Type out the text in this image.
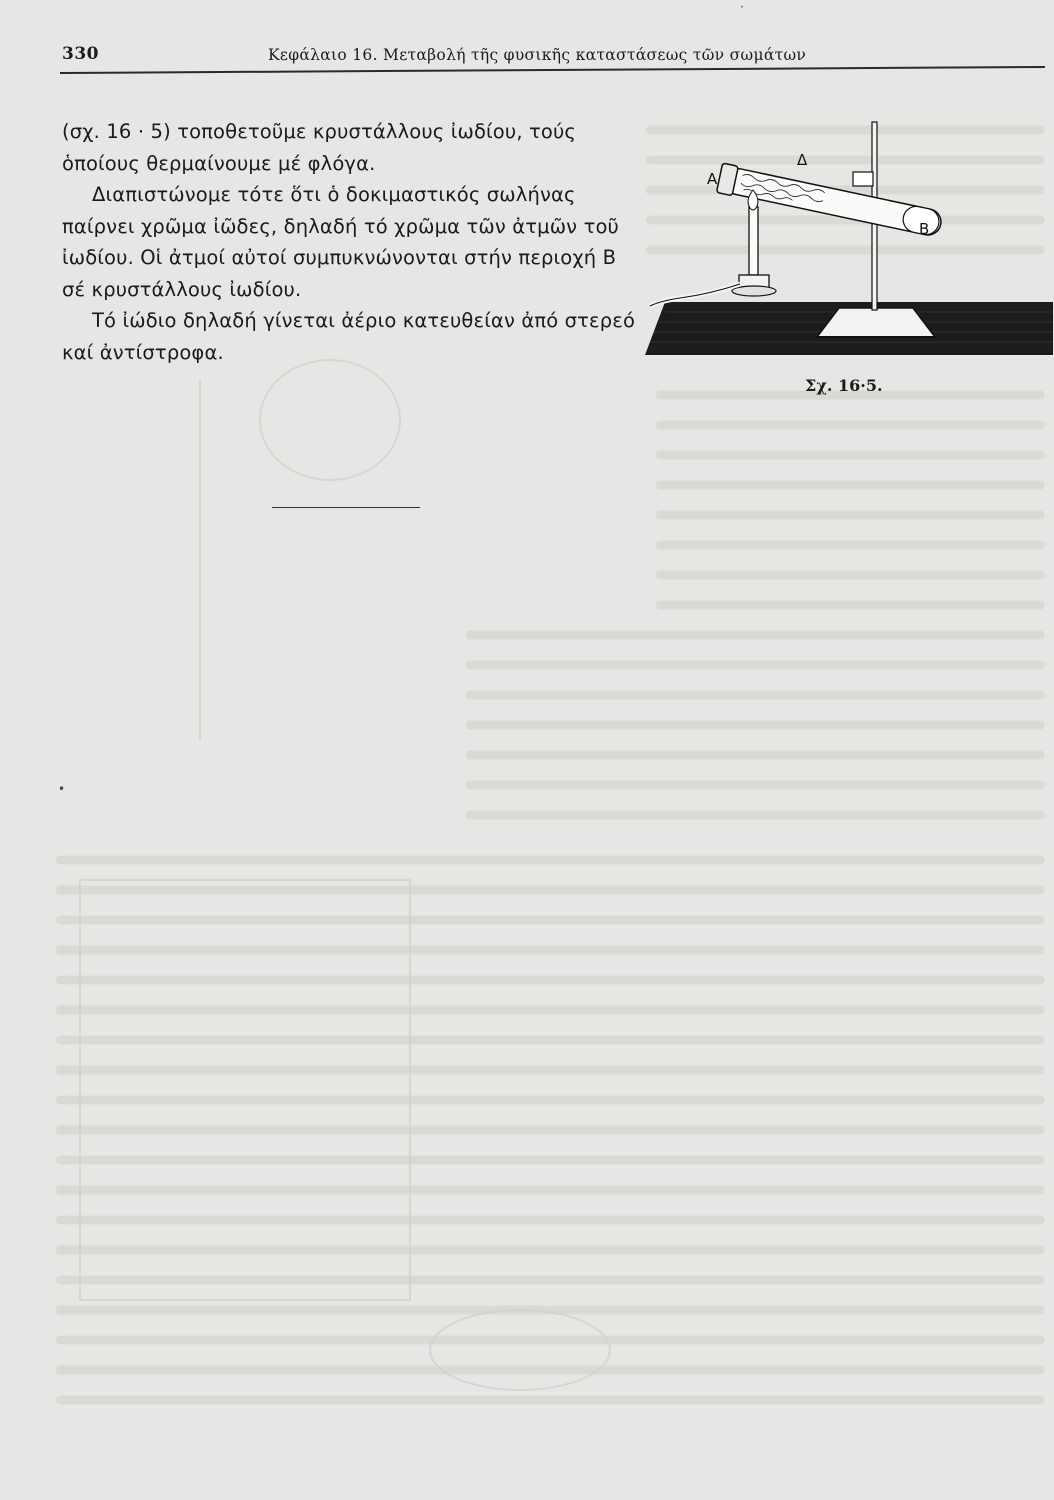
330	Κεφάλαιο 16. Μεταβολή τῆς φυσικῆς καταστάσεως τῶν σωμάτων

(σχ. 16 · 5) τοποθετοῦμε κρυστάλλους ἰωδίου, τούς ὁποίους θερμαίνουμε μέ φλόγα.

Διαπιστώνομε τότε ὅτι ὁ δοκιμαστικός σωλήνας παίρνει χρῶμα ἰῶδες, δηλαδή τό χρῶμα τῶν ἀτμῶν τοῦ ἰωδίου. Οἱ ἀτμοί αὐτοί συμπυκνώνονται στήν περιοχή Β σέ κρυστάλλους ἰωδίου.

Τό ἰώδιο δηλαδή γίνεται ἀέριο κατευθείαν ἀπό στερεό καί ἀντίστροφα.

Α
Δ
Β
Σχ. 16·5.
•
·
